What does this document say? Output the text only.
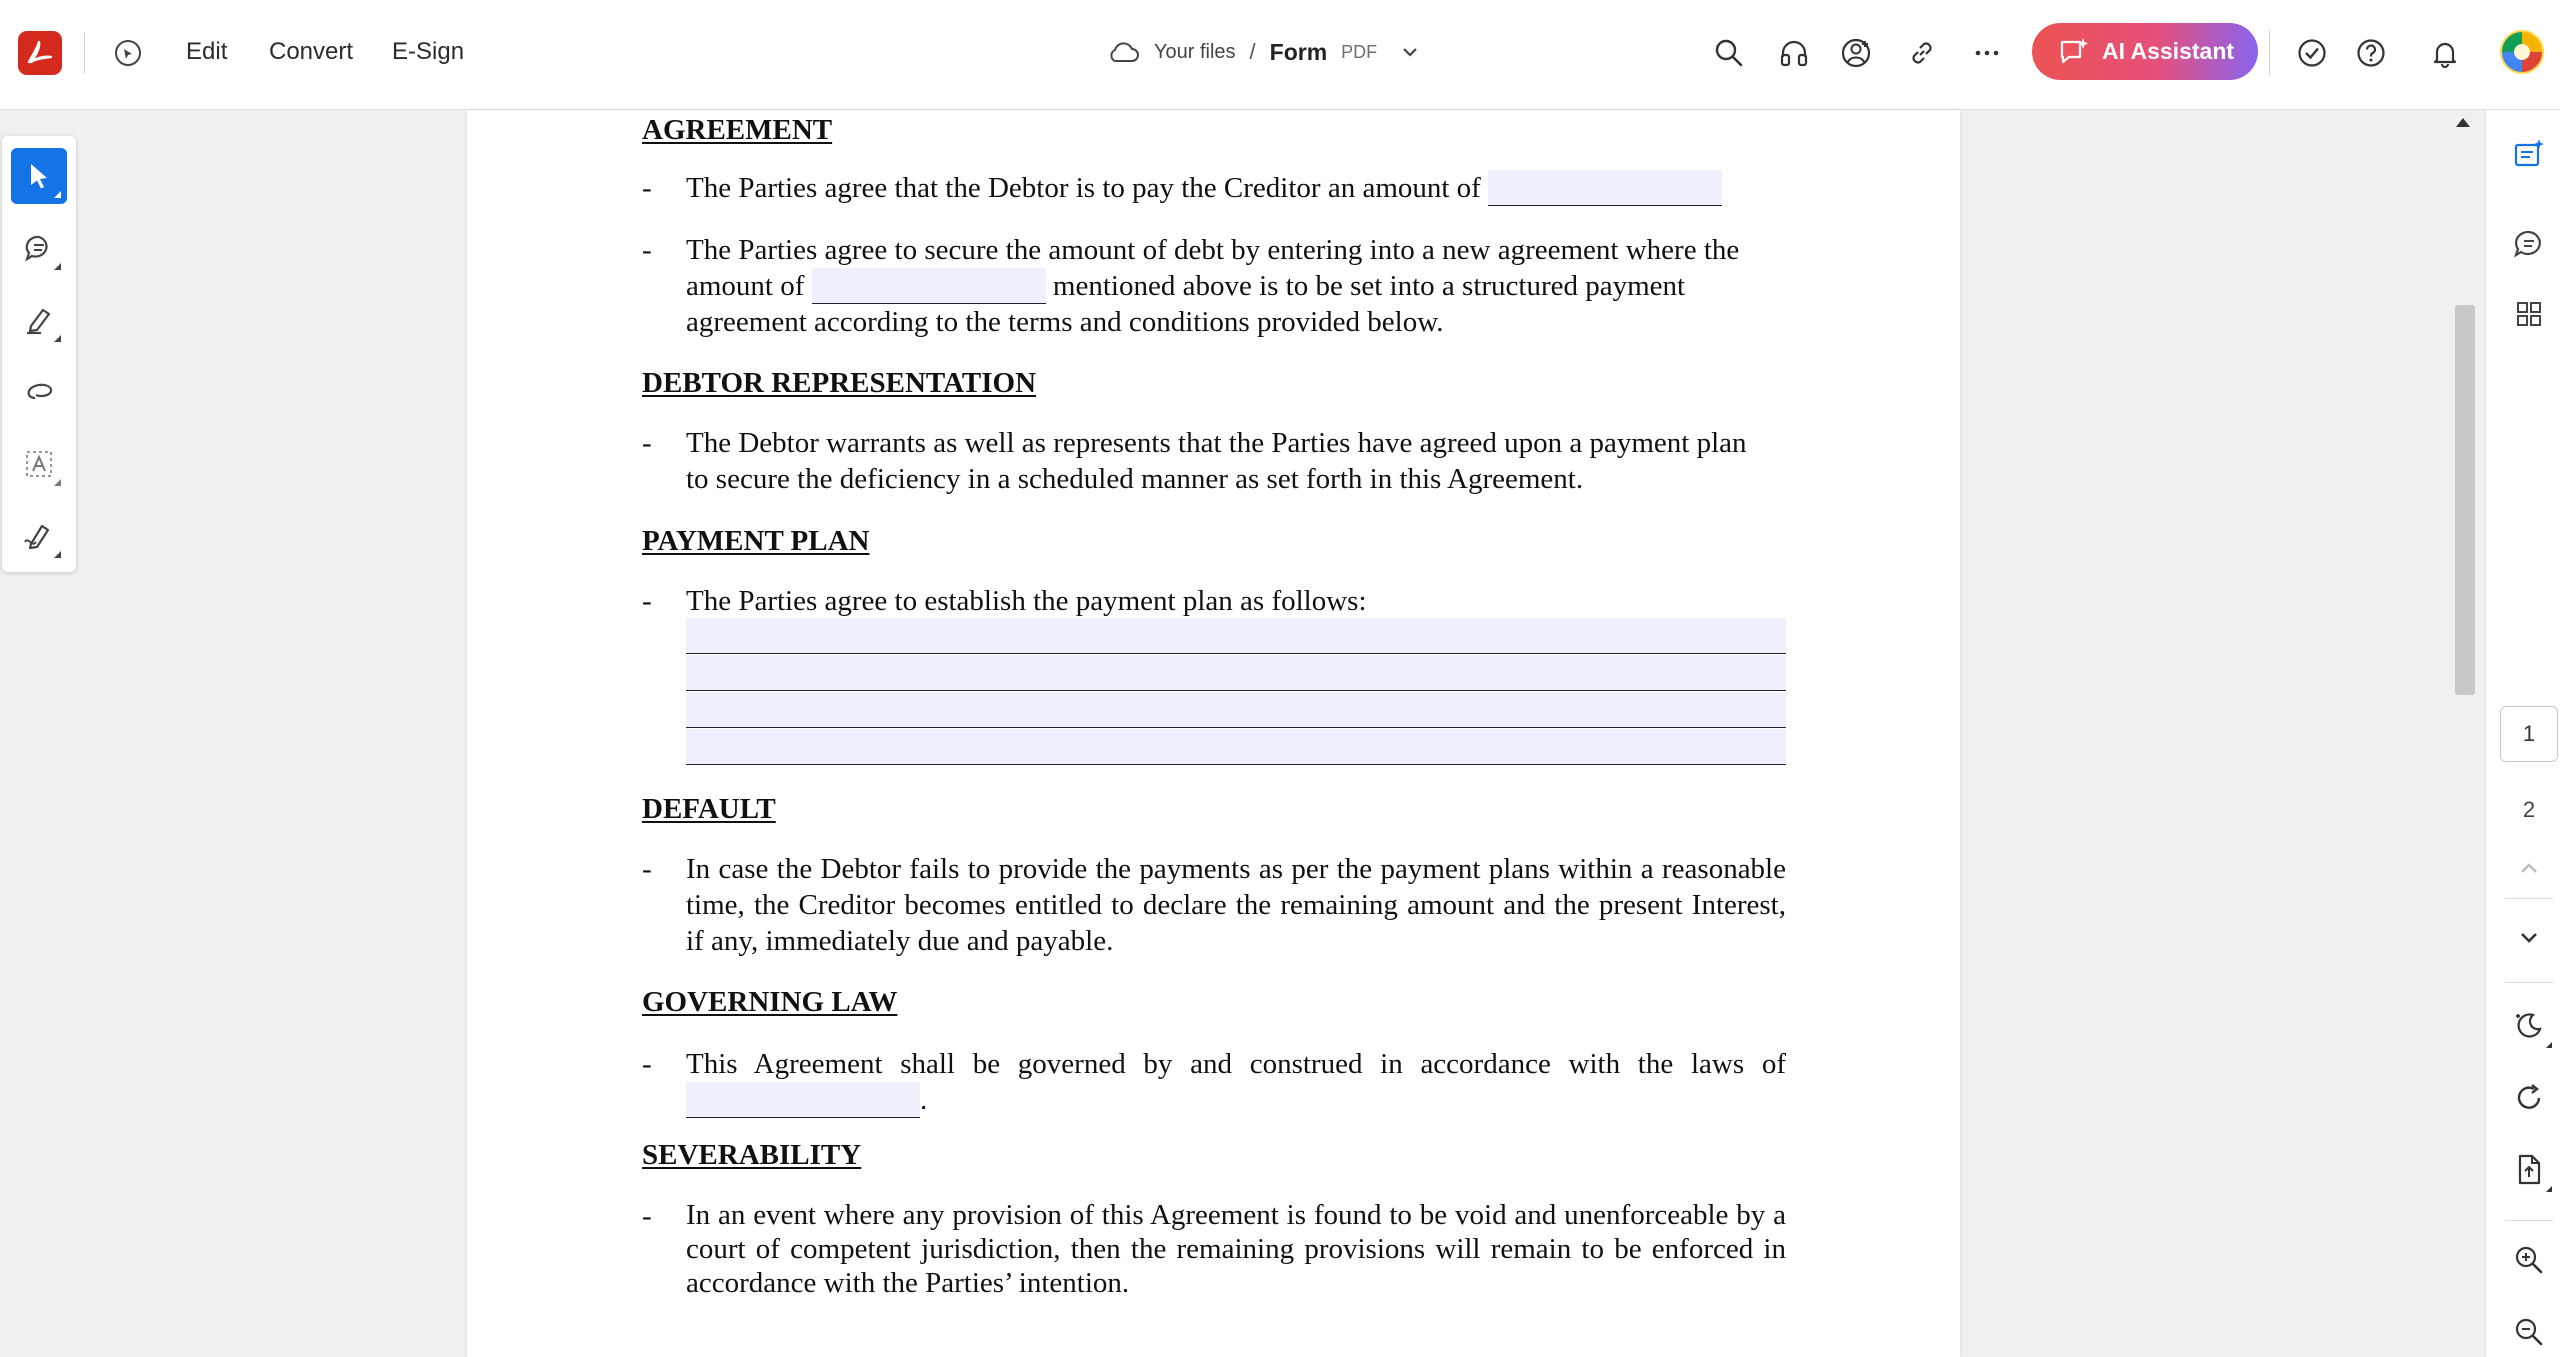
Edit Convert E-Sign	Your files / Form PDF	AI Assistant
AGREEMENT
- The Parties agree that the Debtor is to pay the Creditor an amount of
- The Parties agree to secure the amount of debt by entering into a new agreement where the
amount of	mentioned above is to be set into a structured payment
agreement according to the terms and conditions provided below.
DEBTOR REPRESENTATION
- The Debtor warrants as well as represents that the Parties have agreed upon a payment plan
to secure the deficiency in a scheduled manner as set forth in this Agreement.
PAYMENT PLAN
- The Parties agree to establish the payment plan as follows:
DEFAULT
- In case the Debtor fails to provide the payments as per the payment plans within a reasonable
time, the Creditor becomes entitled to declare the remaining amount and the present Interest,
if any, immediately due and payable.
GOVERNING LAW
- This Agreement shall be governed by and construed in accordance with the laws of
.
SEVERABILITY
- In an event where any provision of this Agreement is found to be void and unenforceable by a
court of competent jurisdiction, then the remaining provisions will remain to be enforced in
accordance with the Parties’ intention.
1
2
